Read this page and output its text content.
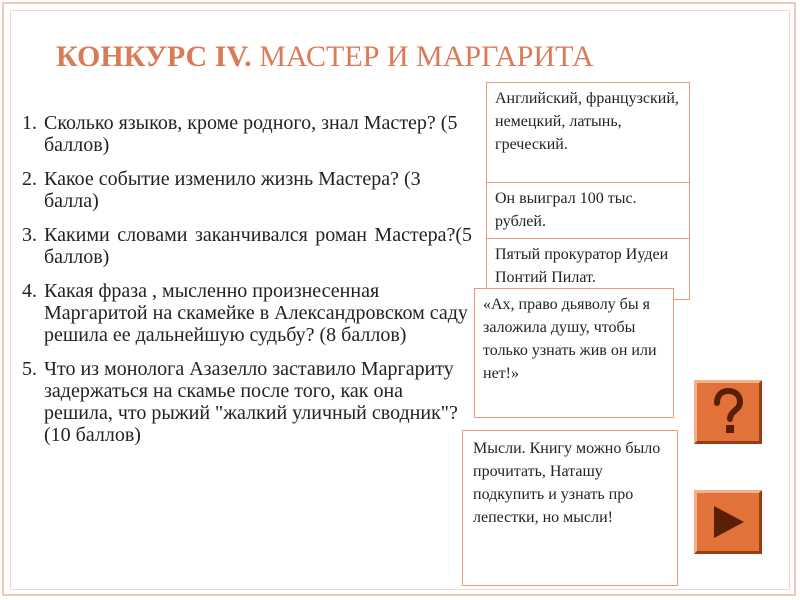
КОНКУРС IV. МАСТЕР И МАРГАРИТА
1. Сколько языков, кроме родного, знал Мастер? (5 баллов)
2. Какое событие изменило жизнь Мастера? (3 балла)
3. Какими словами заканчивался роман Мастера?(5 баллов)
4. Какая фраза , мысленно произнесенная Маргаритой на скамейке в Александровском саду решила ее дальнейшую судьбу? (8 баллов)
5. Что из монолога Азазелло заставило Маргариту задержаться на скамье после того, как она решила, что рыжий "жалкий уличный сводник"? (10 баллов)
Английский, французский, немецкий, латынь, греческий.
Он выиграл 100 тыс. рублей.
Пятый прокуратор Иудеи Понтий Пилат.
«Ах, право дьяволу бы я заложила душу, чтобы только узнать жив он или нет!»
Мысли. Книгу можно было прочитать, Наташу подкупить и узнать про лепестки, но мысли!
